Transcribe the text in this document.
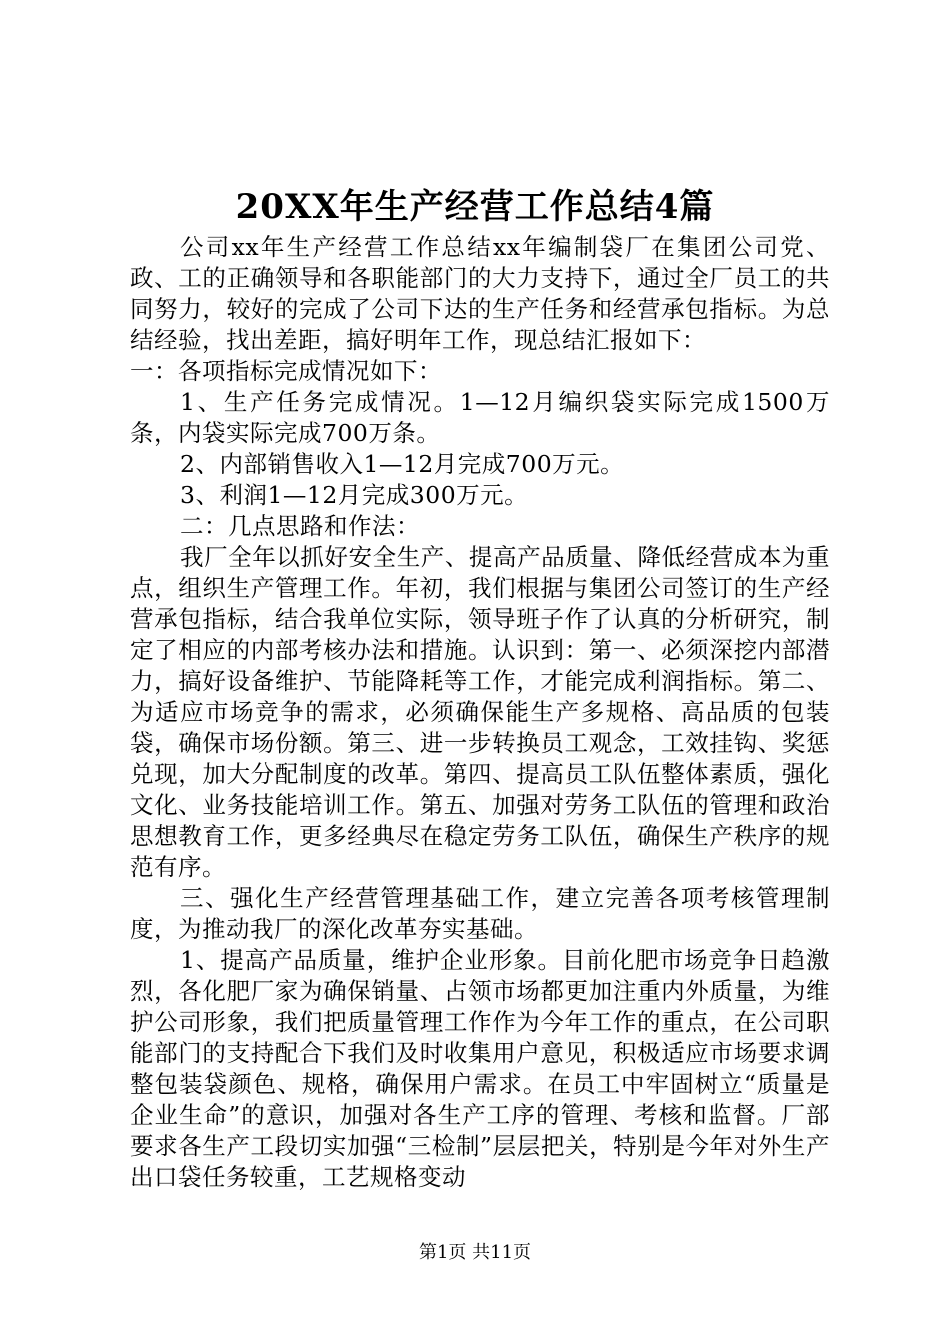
20XX年生产经营工作总结4篇

公司xx年生产经营工作总结xx年编制袋厂在集团公司党、政、工的正确领导和各职能部门的大力支持下，通过全厂员工的共同努力，较好的完成了公司下达的生产任务和经营承包指标。为总结经验，找出差距，搞好明年工作，现总结汇报如下：

一：各项指标完成情况如下：

1、生产任务完成情况。1—12月编织袋实际完成1500万条，内袋实际完成700万条。

2、内部销售收入1—12月完成700万元。

3、利润1—12月完成300万元。

二：几点思路和作法：

我厂全年以抓好安全生产、提高产品质量、降低经营成本为重点，组织生产管理工作。年初，我们根据与集团公司签订的生产经营承包指标，结合我单位实际，领导班子作了认真的分析研究，制定了相应的内部考核办法和措施。认识到：第一、必须深挖内部潜力，搞好设备维护、节能降耗等工作，才能完成利润指标。第二、为适应市场竞争的需求，必须确保能生产多规格、高品质的包装袋，确保市场份额。第三、进一步转换员工观念，工效挂钩、奖惩兑现，加大分配制度的改革。第四、提高员工队伍整体素质，强化文化、业务技能培训工作。第五、加强对劳务工队伍的管理和政治思想教育工作，更多经典尽在稳定劳务工队伍，确保生产秩序的规范有序。

三、强化生产经营管理基础工作，建立完善各项考核管理制度，为推动我厂的深化改革夯实基础。

1、提高产品质量，维护企业形象。目前化肥市场竞争日趋激烈，各化肥厂家为确保销量、占领市场都更加注重内外质量，为维护公司形象，我们把质量管理工作作为今年工作的重点，在公司职能部门的支持配合下我们及时收集用户意见，积极适应市场要求调整包装袋颜色、规格，确保用户需求。在员工中牢固树立“质量是企业生命”的意识，加强对各生产工序的管理、考核和监督。厂部要求各生产工段切实加强“三检制”层层把关，特别是今年对外生产出口袋任务较重，工艺规格变动

第1页 共11页
